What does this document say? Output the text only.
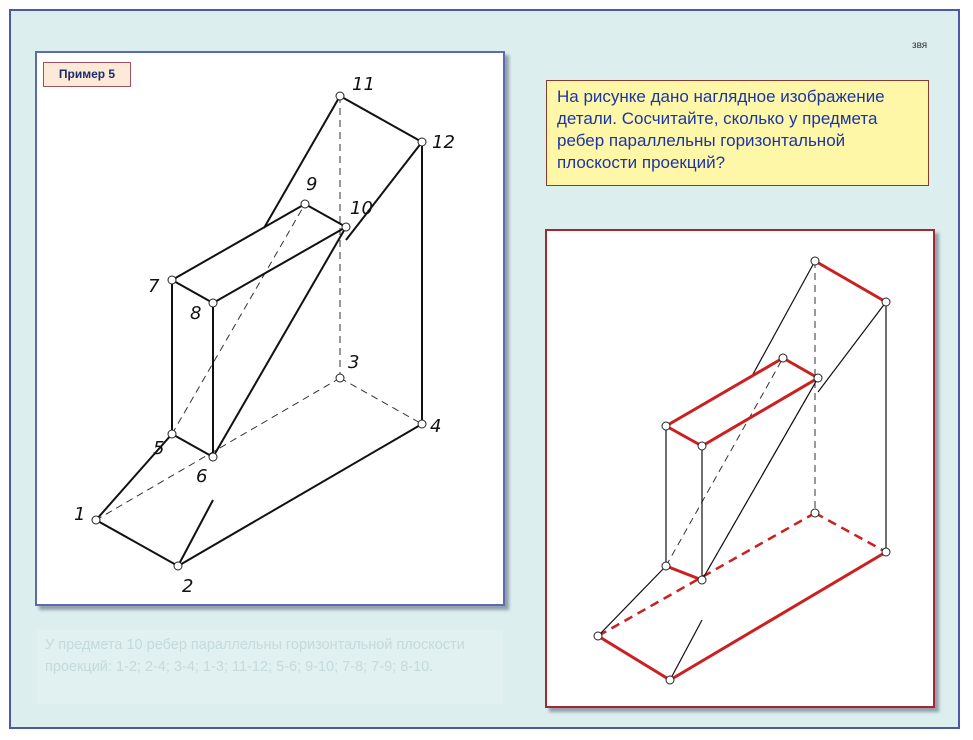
Пример 5
звя
На рисунке дано наглядное изображение детали. Сосчитайте, сколько у предмета ребер параллельны горизонтальной плоскости проекций?
У предмета 10 ребер параллельны горизонтальной плоскости проекций: 1-2; 2-4; 3-4; 1-3; 11-12; 5-6; 9-10; 7-8; 7-9; 8-10.
1
2
3
4
5
6
7
8
9
10
11
12
